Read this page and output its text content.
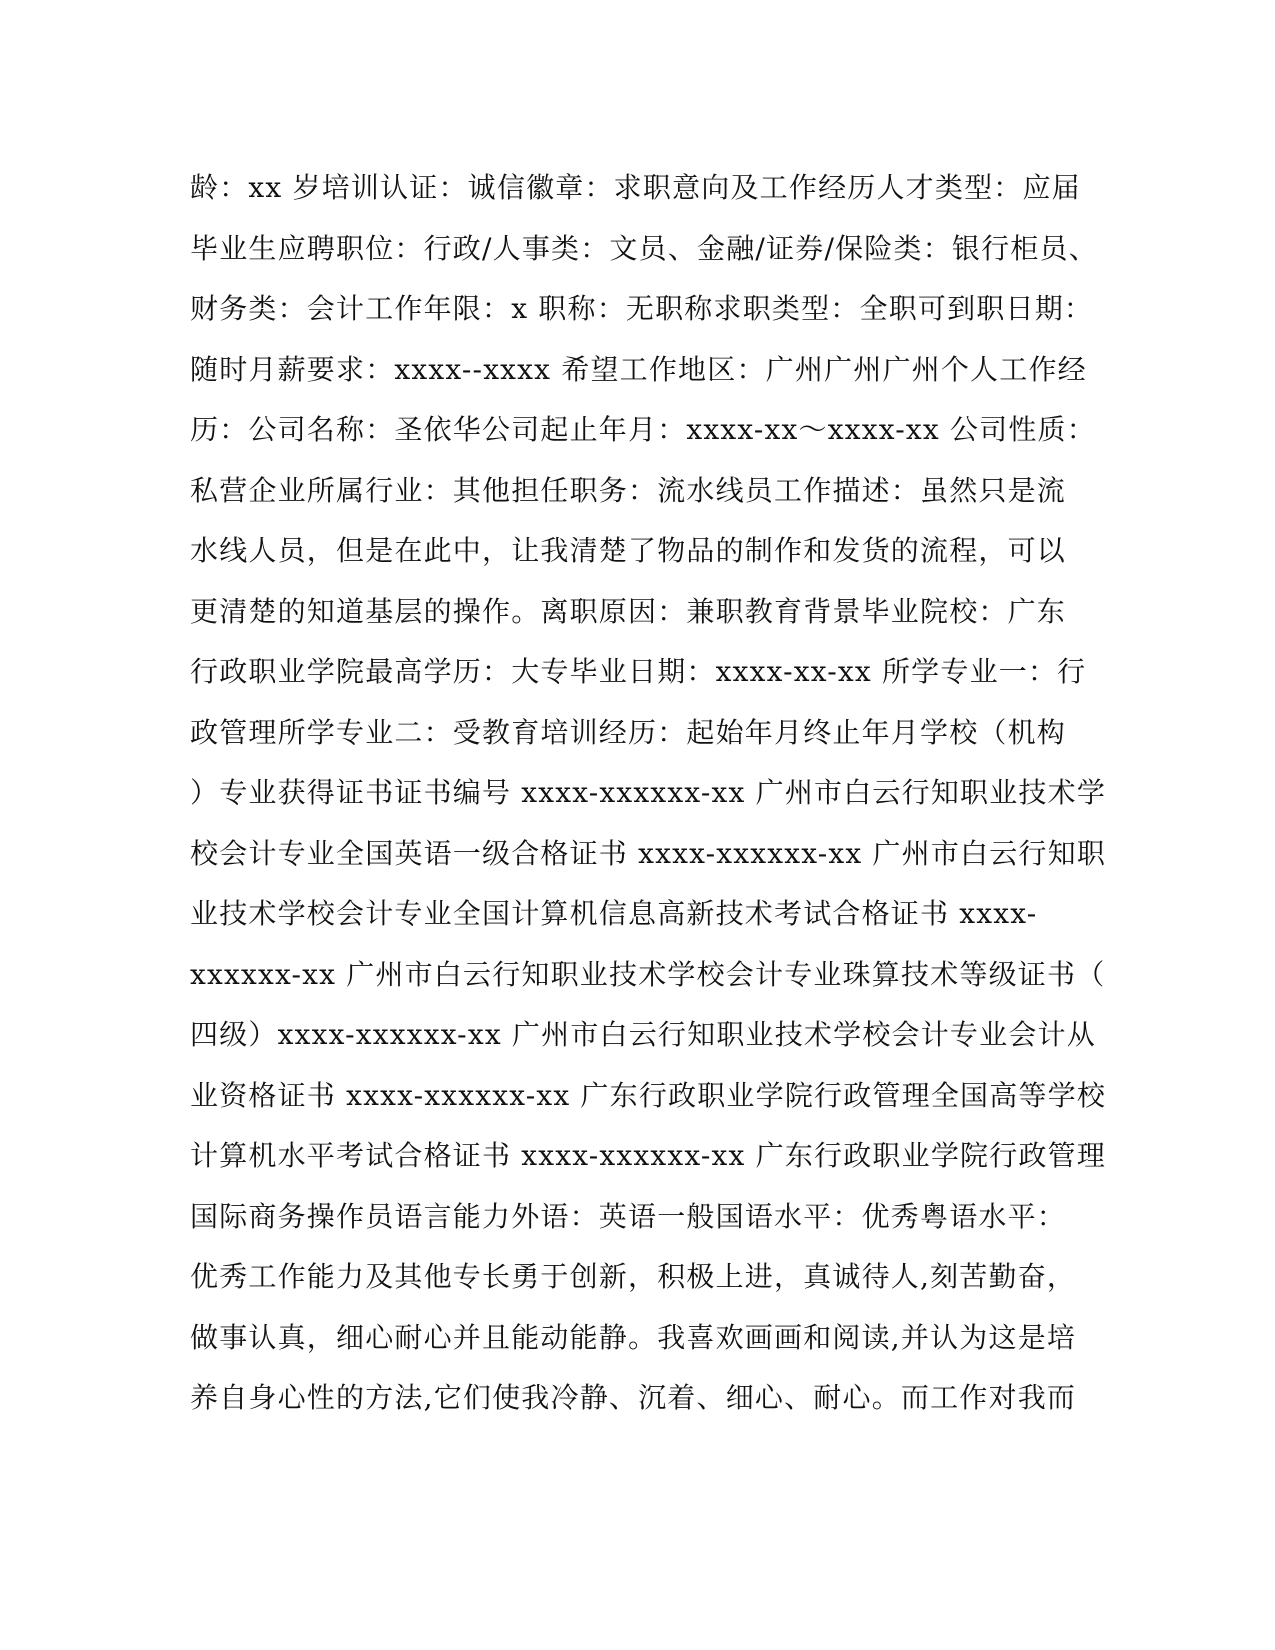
龄：xx 岁培训认证：诚信徽章：求职意向及工作经历人才类型：应届
毕业生应聘职位：行政/人事类：文员、金融/证券/保险类：银行柜员、
财务类：会计工作年限：x 职称：无职称求职类型：全职可到职日期：
随时月薪要求：xxxx--xxxx 希望工作地区：广州广州广州个人工作经
历：公司名称：圣依华公司起止年月：xxxx-xx～xxxx-xx 公司性质：
私营企业所属行业：其他担任职务：流水线员工作描述：虽然只是流
水线人员，但是在此中，让我清楚了物品的制作和发货的流程，可以
更清楚的知道基层的操作。离职原因：兼职教育背景毕业院校：广东
行政职业学院最高学历：大专毕业日期：xxxx-xx-xx 所学专业一：行
政管理所学专业二：受教育培训经历：起始年月终止年月学校（机构
）专业获得证书证书编号 xxxx-xxxxxx-xx 广州市白云行知职业技术学
校会计专业全国英语一级合格证书 xxxx-xxxxxx-xx 广州市白云行知职
业技术学校会计专业全国计算机信息高新技术考试合格证书 xxxx-
xxxxxx-xx 广州市白云行知职业技术学校会计专业珠算技术等级证书（
四级）xxxx-xxxxxx-xx 广州市白云行知职业技术学校会计专业会计从
业资格证书 xxxx-xxxxxx-xx 广东行政职业学院行政管理全国高等学校
计算机水平考试合格证书 xxxx-xxxxxx-xx 广东行政职业学院行政管理
国际商务操作员语言能力外语：英语一般国语水平：优秀粤语水平：
优秀工作能力及其他专长勇于创新，积极上进，真诚待人,刻苦勤奋，
做事认真，细心耐心并且能动能静。我喜欢画画和阅读,并认为这是培
养自身心性的方法,它们使我冷静、沉着、细心、耐心。而工作对我而
